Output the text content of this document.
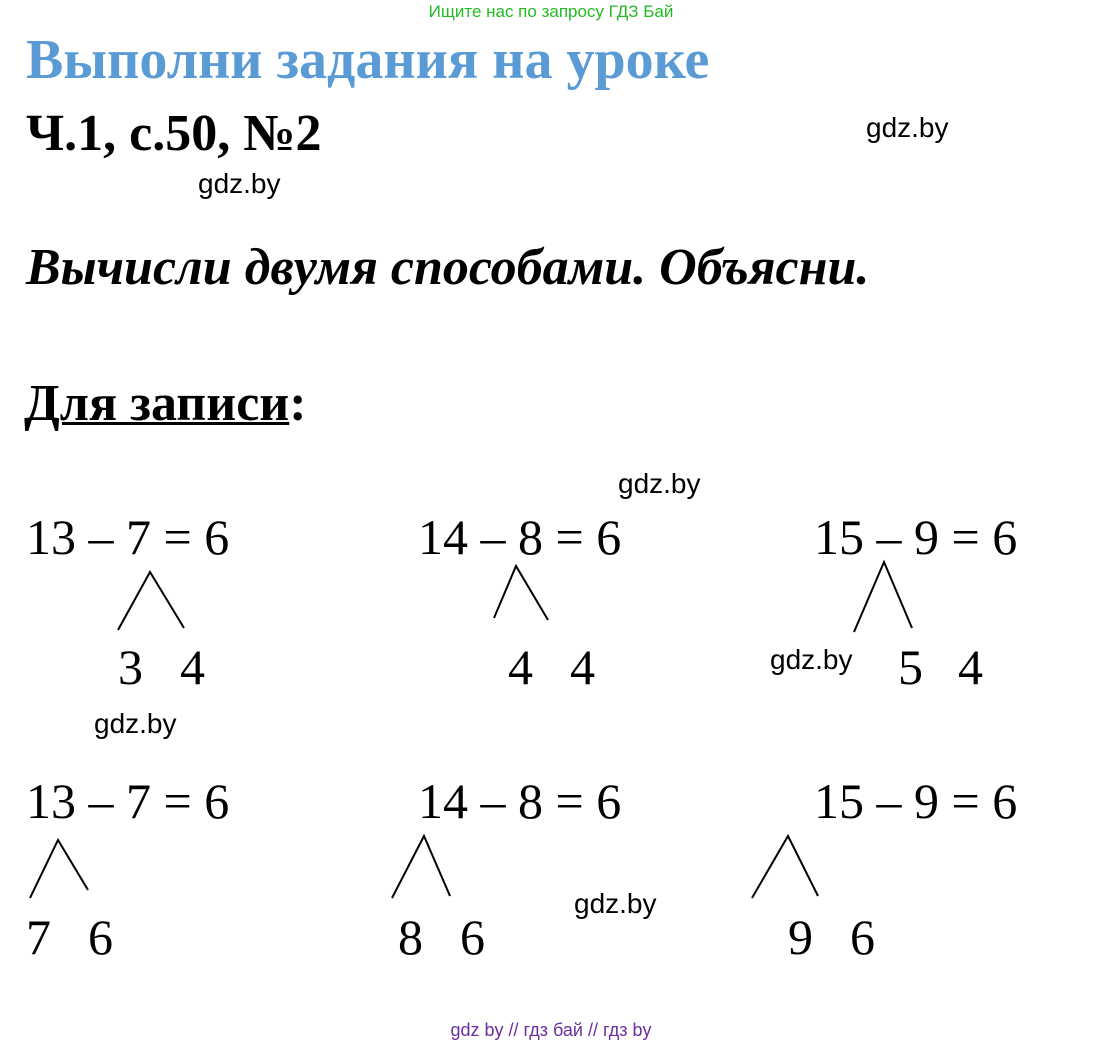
Ищите нас по запросу ГДЗ Бай
Выполни задания на уроке
Ч.1, с.50, №2	gdz.by
gdz.by
Вычисли двумя способами. Объясни.
Для записи:
gdz.by
13 – 7 = 6	14 – 8 = 6	15 – 9 = 6
3 4	4 4	5 4
gdz.by
gdz.by
13 – 7 = 6	14 – 8 = 6	15 – 9 = 6
7 6	8 6	9 6
gdz.by
gdz by // гдз бай // гдз by
